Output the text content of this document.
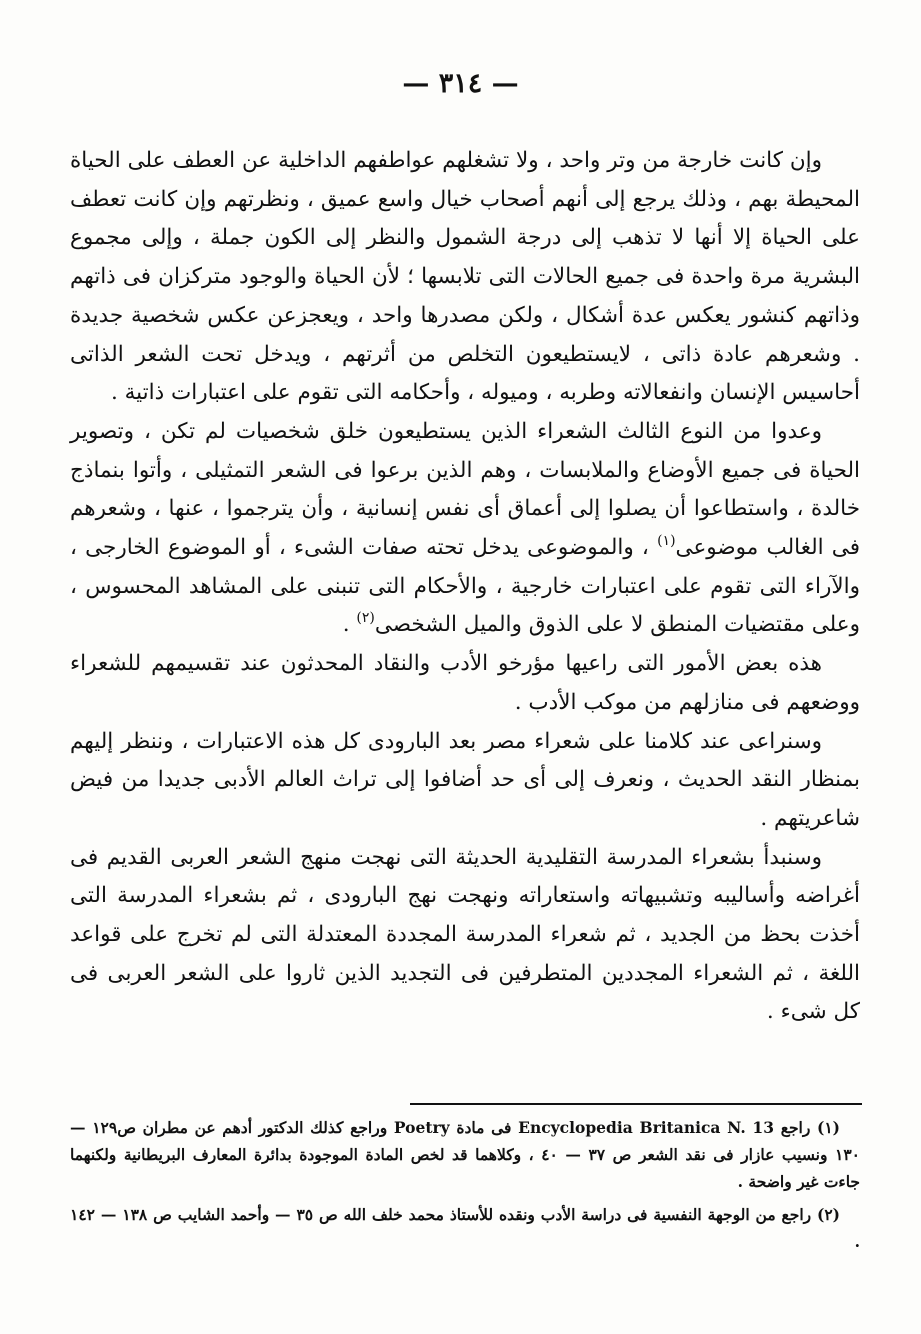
— ٣١٤ —

وإن كانت خارجة من وتر واحد ، ولا تشغلهم عواطفهم الداخلية عن العطف على الحياة المحيطة بهم ، وذلك يرجع إلى أنهم أصحاب خيال واسع عميق ، ونظرتهم وإن كانت تعطف على الحياة إلا أنها لا تذهب إلى درجة الشمول والنظر إلى الكون جملة ، وإلى مجموع البشرية مرة واحدة فى جميع الحالات التى تلابسها ؛ لأن الحياة والوجود متركزان فى ذاتهم وذاتهم كنشور يعكس عدة أشكال ، ولكن مصدرها واحد ، ويعجزعن عكس شخصية جديدة . وشعرهم عادة ذاتى ، لايستطيعون التخلص من أثرتهم ، ويدخل تحت الشعر الذاتى أحاسيس الإنسان وانفعالاته وطربه ، وميوله ، وأحكامه التى تقوم على اعتبارات ذاتية .

وعدوا من النوع الثالث الشعراء الذين يستطيعون خلق شخصيات لم تكن ، وتصوير الحياة فى جميع الأوضاع والملابسات ، وهم الذين برعوا فى الشعر التمثيلى ، وأتوا بنماذج خالدة ، واستطاعوا أن يصلوا إلى أعماق أى نفس إنسانية ، وأن يترجموا ، عنها ، وشعرهم فى الغالب موضوعى$^{(١)}$ ، والموضوعى يدخل تحته صفات الشىء ، أو الموضوع الخارجى ، والآراء التى تقوم على اعتبارات خارجية ، والأحكام التى تنبنى على المشاهد المحسوس ، وعلى مقتضيات المنطق لا على الذوق والميل الشخصى$^{(٢)}$ .

هذه بعض الأمور التى راعيها مؤرخو الأدب والنقاد المحدثون عند تقسيمهم للشعراء ووضعهم فى منازلهم من موكب الأدب .

وسنراعى عند كلامنا على شعراء مصر بعد البارودى كل هذه الاعتبارات ، وننظر إليهم بمنظار النقد الحديث ، ونعرف إلى أى حد أضافوا إلى تراث العالم الأدبى جديدا من فيض شاعريتهم .

وسنبدأ بشعراء المدرسة التقليدية الحديثة التى نهجت منهج الشعر العربى القديم فى أغراضه وأساليبه وتشبيهاته واستعاراته ونهجت نهج البارودى ، ثم بشعراء المدرسة التى أخذت بحظ من الجديد ، ثم شعراء المدرسة المجددة المعتدلة التى لم تخرج على قواعد اللغة ، ثم الشعراء المجددين المتطرفين فى التجديد الذين ثاروا على الشعر العربى فى كل شىء .

(١) راجع Encyclopedia Britanica N. 13 فى مادة Poetry وراجع كذلك الدكتور أدهم عن مطران ص١٢٩ — ١٣٠ ونسيب عازار فى نقد الشعر ص ٣٧ — ٤٠ ، وكلاهما قد لخص المادة الموجودة بدائرة المعارف البريطانية ولكنهما جاءت غير واضحة .

(٢) راجع من الوجهة النفسية فى دراسة الأدب ونقده للأستاذ محمد خلف الله ص ٣٥ — وأحمد الشايب ص ١٣٨ — ١٤٢ .
